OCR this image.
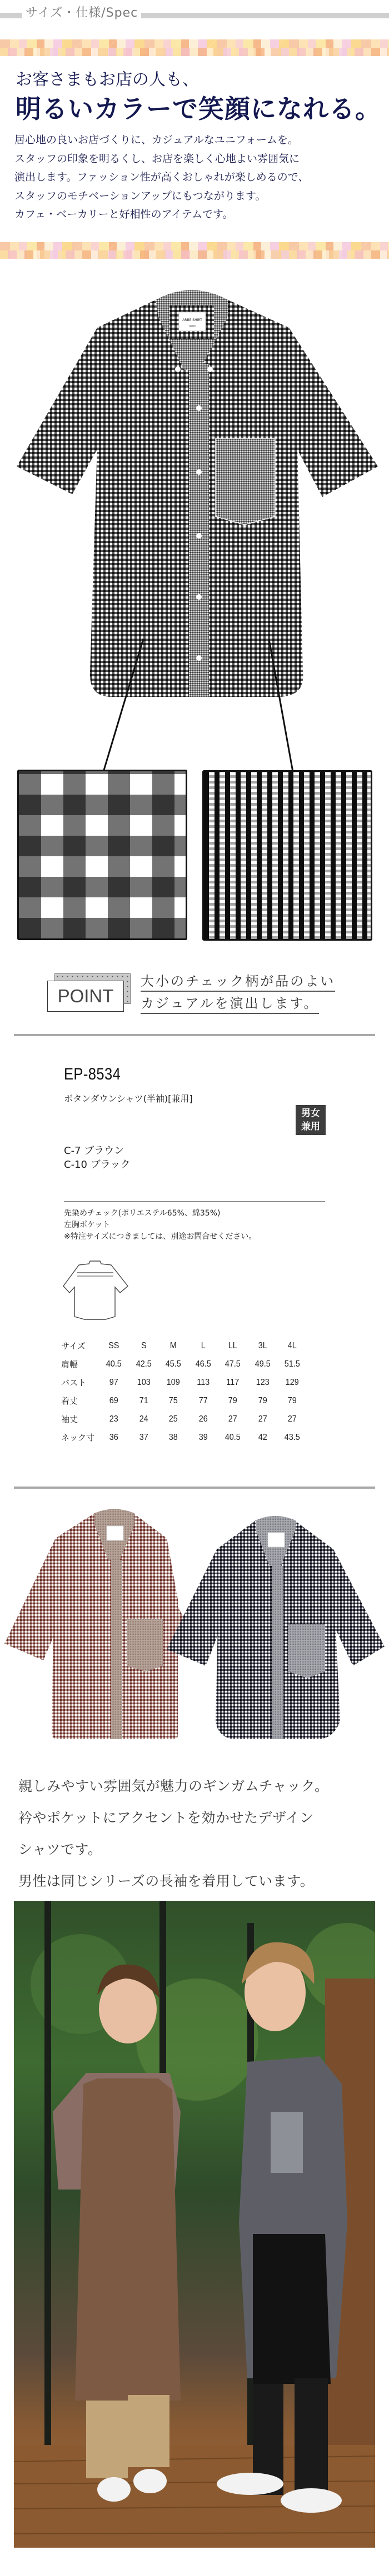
サイズ・仕様/Spec
お客さまもお店の人も、
明るいカラーで笑顔になれる。

居心地の良いお店づくりに、カジュアルなユニフォームを。

スタッフの印象を明るくし、お店を楽しく心地よい雰囲気に

演出します。ファッション性が高くおしゃれが楽しめるので、

スタッフのモチベーションアップにもつながります。

カフェ・ベーカリーと好相性のアイテムです。

ARBE SHIRT
TOKYO
POINT
大小のチェック柄が品のよい
カジュアルを演出します。
EP-8534
ボタンダウンシャツ(半袖)[兼用]
男女
兼用
C-7 ブラウン
C-10 ブラック
先染めチェック(ポリエステル65%、綿35%)
左胸ポケット
※特注サイズにつきましては、別途お問合せください。
サイズ	SS	S	M	L	LL	3L	4L
肩幅	40.5	42.5	45.5	46.5	47.5	49.5	51.5
バスト	97	103	109	113	117	123	129
着丈	69	71	75	77	79	79	79
袖丈	23	24	25	26	27	27	27
ネック寸	36	37	38	39	40.5	42	43.5

親しみやすい雰囲気が魅力のギンガムチャック。

衿やポケットにアクセントを効かせたデザイン

シャツです。

男性は同じシリーズの長袖を着用しています。
